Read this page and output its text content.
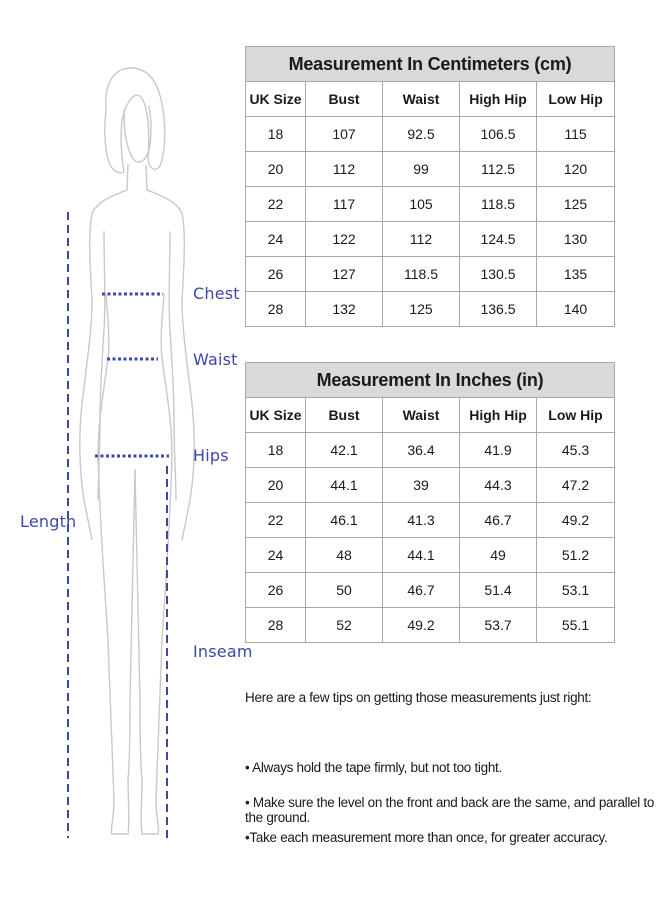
Chest
Waist
Hips
Length
Inseam
Measurement In Centimeters (cm)				
UK Size	Bust	Waist	High Hip	Low Hip
18	107	92.5	106.5	115
20	112	99	112.5	120
22	117	105	118.5	125
24	122	112	124.5	130
26	127	118.5	130.5	135
28	132	125	136.5	140
Measurement In Inches (in)				
UK Size	Bust	Waist	High Hip	Low Hip
18	42.1	36.4	41.9	45.3
20	44.1	39	44.3	47.2
22	46.1	41.3	46.7	49.2
24	48	44.1	49	51.2
26	50	46.7	51.4	53.1
28	52	49.2	53.7	55.1
Here are a few tips on getting those measurements just right:
• Always hold the tape firmly, but not too tight.
• Make sure the level on the front and back are the same, and parallel to the ground.
•Take each measurement more than once, for greater accuracy.
